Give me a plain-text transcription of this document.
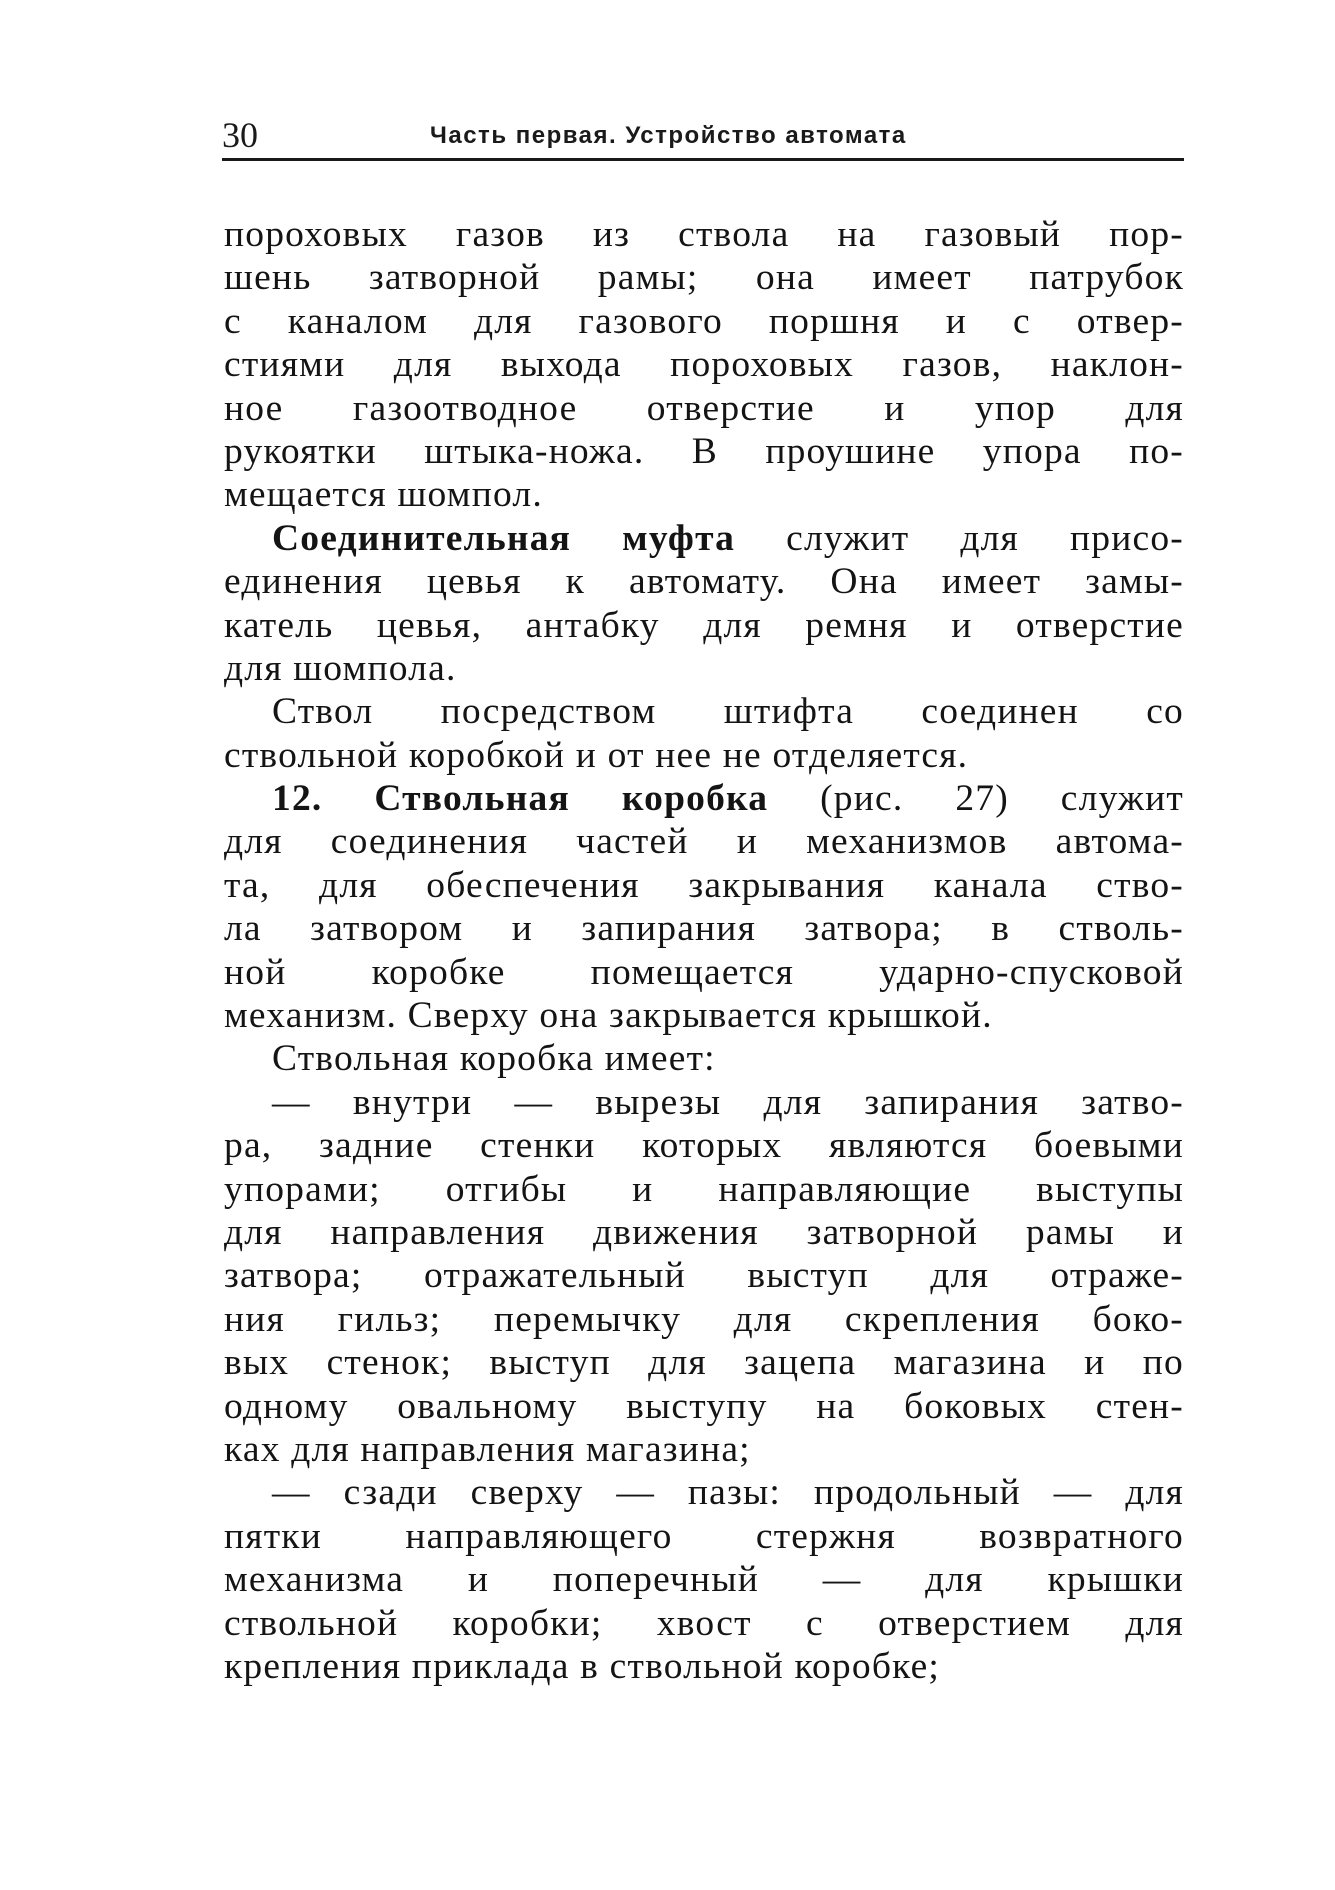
30	Часть первая. Устройство автомата
пороховых газов из ствола на газовый пор-
шень затворной рамы; она имеет патрубок
с каналом для газового поршня и с отвер-
стиями для выхода пороховых газов, наклон-
ное газоотводное отверстие и упор для
рукоятки штыка-ножа. В проушине упора по-
мещается шомпол.
Соединительная муфта служит для присо-
единения цевья к автомату. Она имеет замы-
катель цевья, антабку для ремня и отверстие
для шомпола.
Ствол посредством штифта соединен со
ствольной коробкой и от нее не отделяется.
12. Ствольная коробка (рис. 27) служит
для соединения частей и механизмов автома-
та, для обеспечения закрывания канала ство-
ла затвором и запирания затвора; в стволь-
ной коробке помещается ударно-спусковой
механизм. Сверху она закрывается крышкой.
Ствольная коробка имеет:
— внутри — вырезы для запирания затво-
ра, задние стенки которых являются боевыми
упорами; отгибы и направляющие выступы
для направления движения затворной рамы и
затвора; отражательный выступ для отраже-
ния гильз; перемычку для скрепления боко-
вых стенок; выступ для зацепа магазина и по
одному овальному выступу на боковых стен-
ках для направления магазина;
— сзади сверху — пазы: продольный — для
пятки направляющего стержня возвратного
механизма и поперечный — для крышки
ствольной коробки; хвост с отверстием для
крепления приклада в ствольной коробке;
